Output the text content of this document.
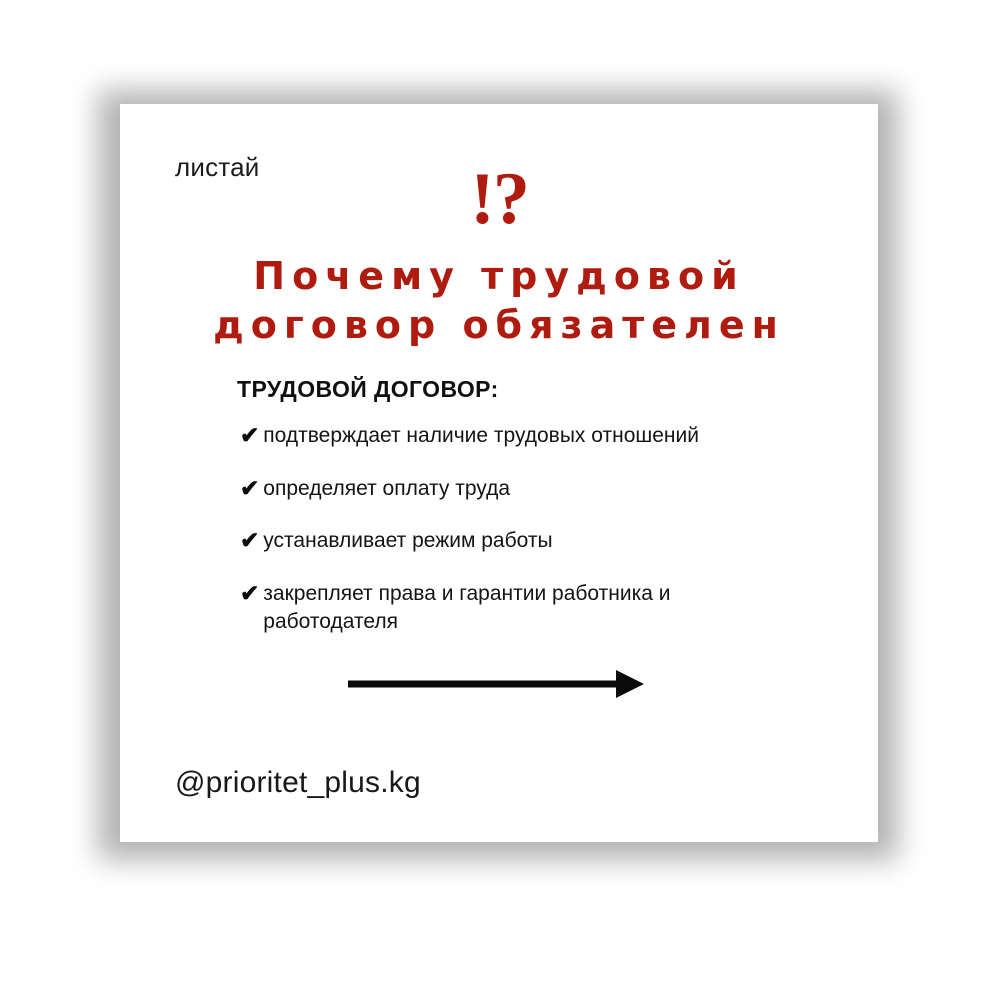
листай	!?
Почему трудовой
договор обязателен
ТРУДОВОЙ ДОГОВОР:
✔ подтверждает наличие трудовых отношений
✔ определяет оплату труда
✔ устанавливает режим работы
✔ закрепляет права и гарантии работника и работодателя
@prioritet_plus.kg
